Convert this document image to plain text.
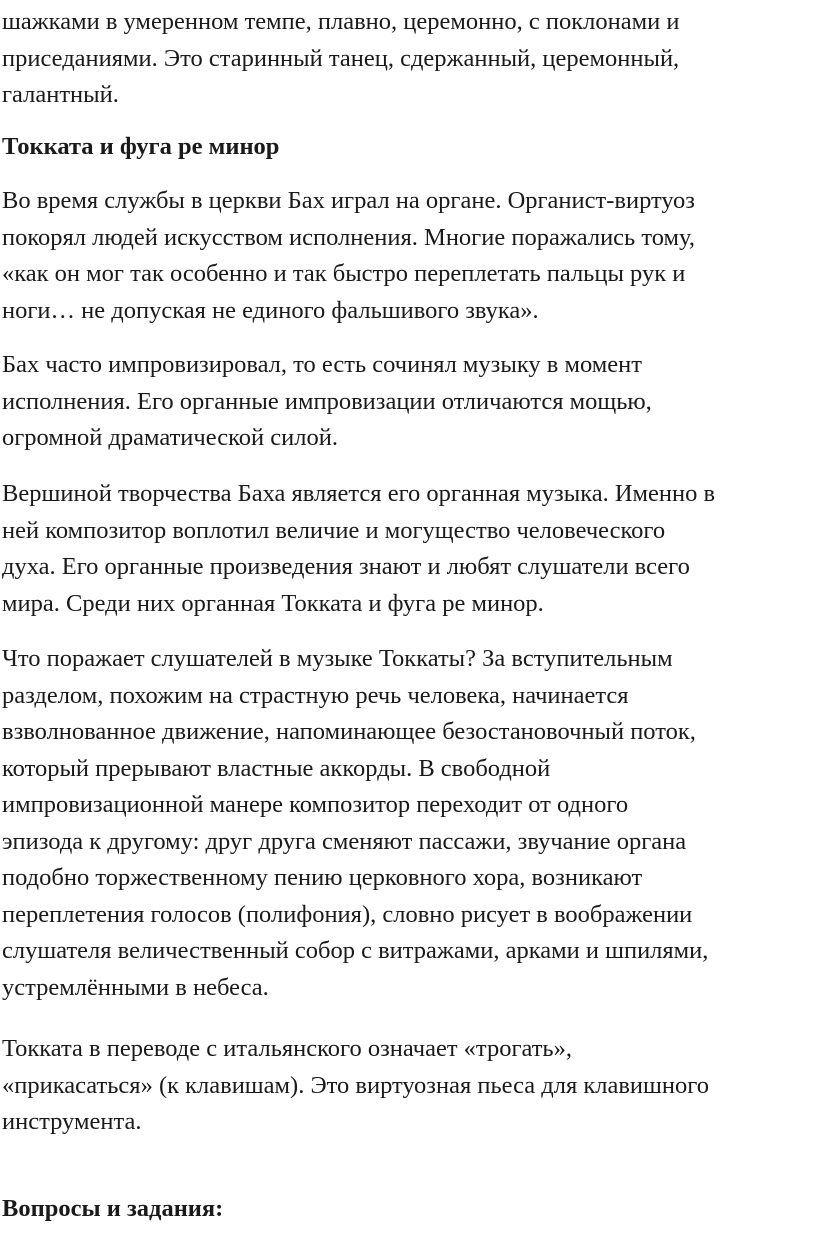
шажками в умеренном темпе, плавно, церемонно, с поклонами и
приседаниями. Это старинный танец, сдержанный, церемонный,
галантный.
Токката и фуга ре минор
Во время службы в церкви Бах играл на органе. Органист-виртуоз
покорял людей искусством исполнения. Многие поражались тому,
«как он мог так особенно и так быстро переплетать пальцы рук и
ноги… не допуская не единого фальшивого звука».
Бах часто импровизировал, то есть сочинял музыку в момент
исполнения. Его органные импровизации отличаются мощью,
огромной драматической силой.
Вершиной творчества Баха является его органная музыка. Именно в
ней композитор воплотил величие и могущество человеческого
духа. Его органные произведения знают и любят слушатели всего
мира. Среди них органная Токката и фуга ре минор.
Что поражает слушателей в музыке Токкаты? За вступительным
разделом, похожим на страстную речь человека, начинается
взволнованное движение, напоминающее безостановочный поток,
который прерывают властные аккорды. В свободной
импровизационной манере композитор переходит от одного
эпизода к другому: друг друга сменяют пассажи, звучание органа
подобно торжественному пению церковного хора, возникают
переплетения голосов (полифония), словно рисует в воображении
слушателя величественный собор с витражами, арками и шпилями,
устремлёнными в небеса.
Токката в переводе с итальянского означает «трогать»,
«прикасаться» (к клавишам). Это виртуозная пьеса для клавишного
инструмента.
Вопросы и задания:
